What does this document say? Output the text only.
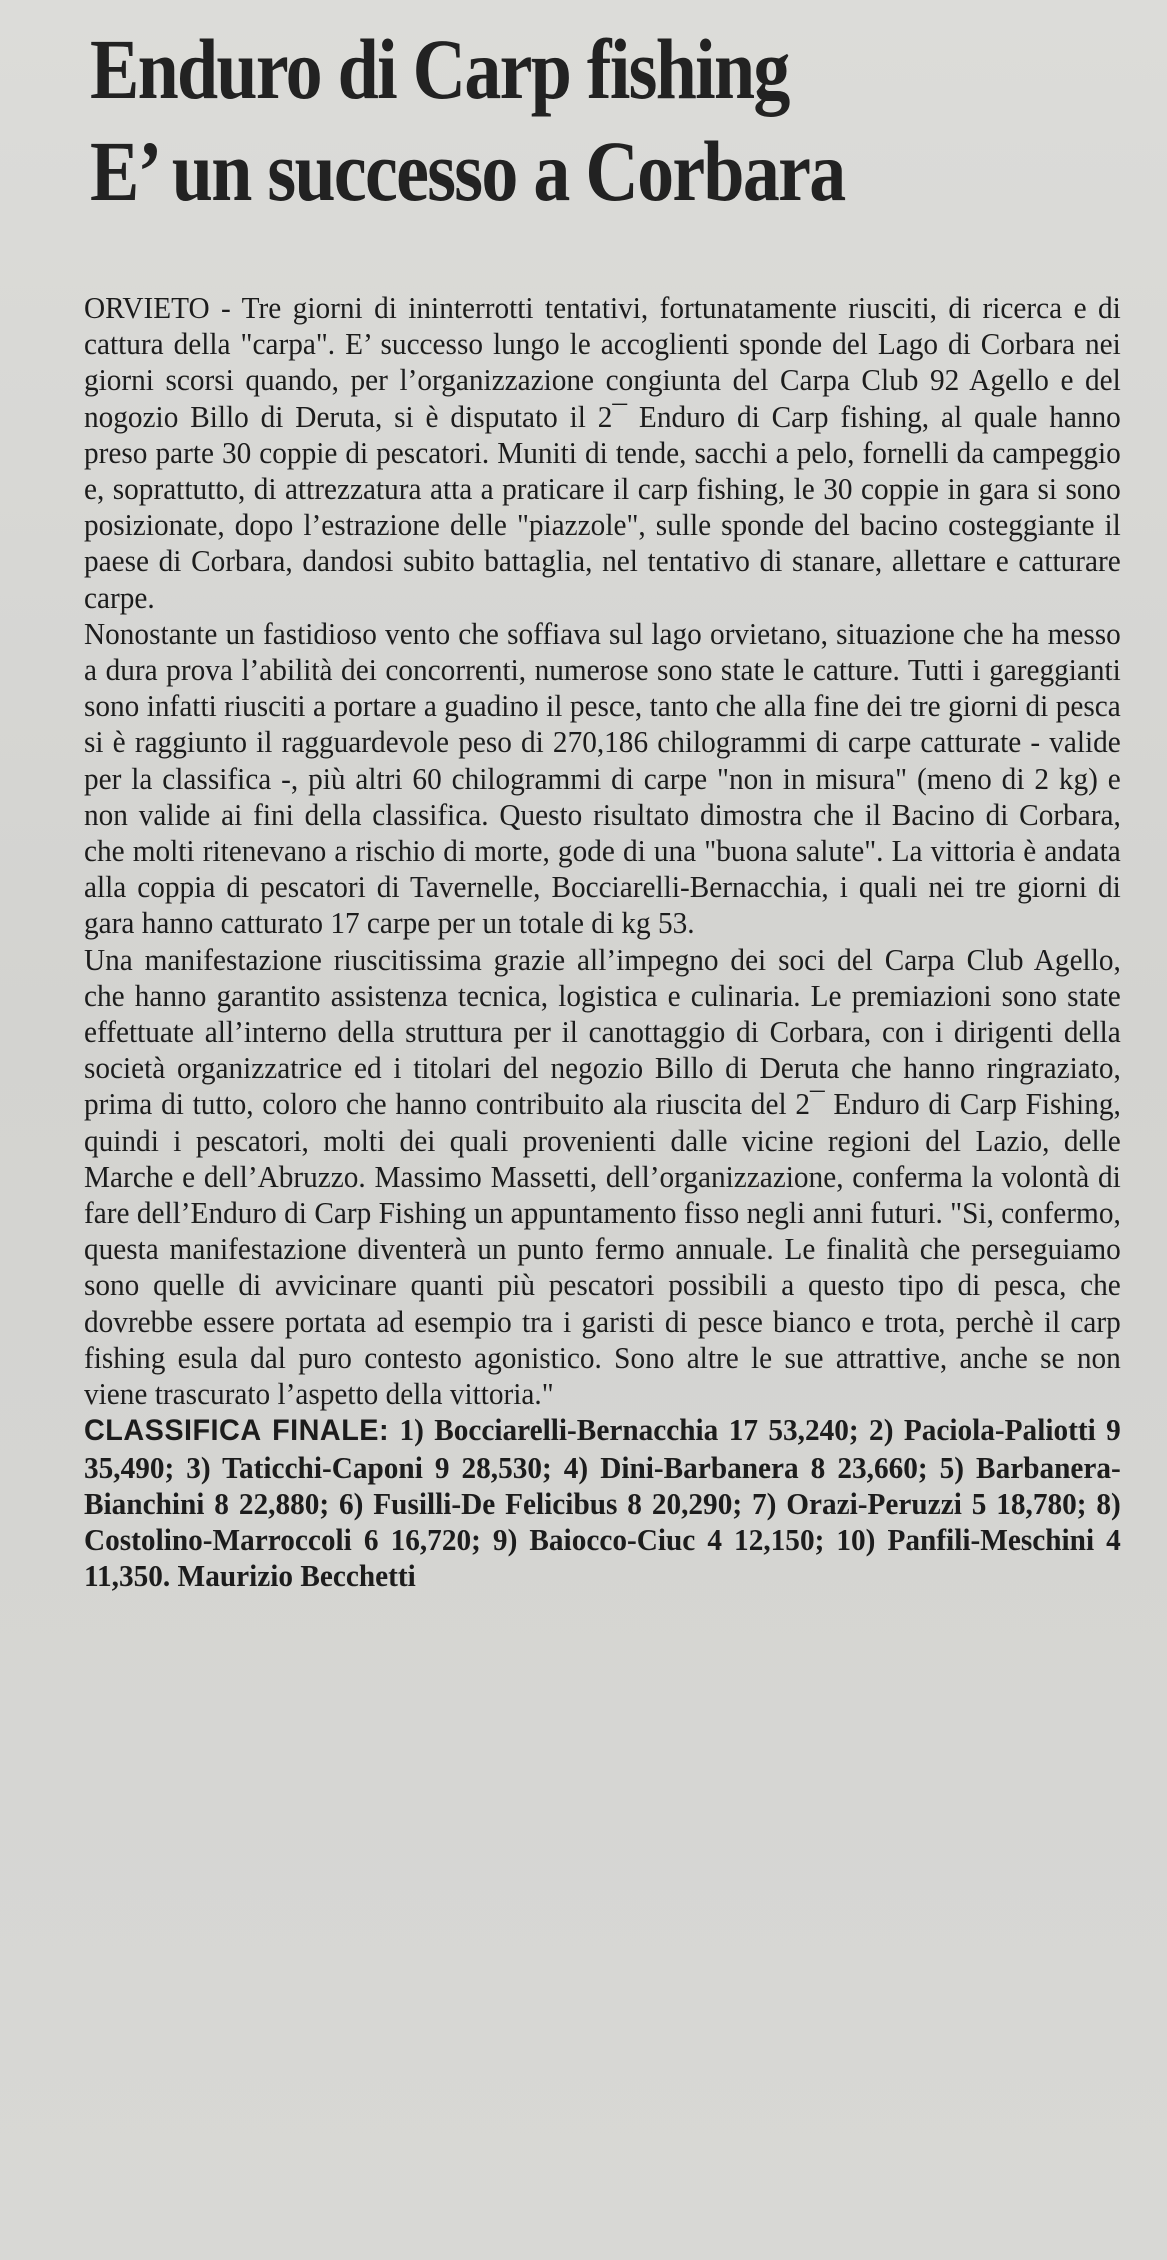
Enduro di Carp fishing
E’ un successo a Corbara

ORVIETO - Tre giorni di ininterrotti tentativi, fortunatamente riusciti, di ricerca e di cattura della "carpa". E’ successo lungo le accoglienti sponde del Lago di Corbara nei giorni scorsi quando, per l’organizzazione congiunta del Carpa Club 92 Agello e del nogozio Billo di Deruta, si è disputato il 2¯ Enduro di Carp fishing, al quale hanno preso parte 30 coppie di pescatori. Muniti di tende, sacchi a pelo, fornelli da campeggio e, soprattutto, di attrezzatura atta a praticare il carp fishing, le 30 coppie in gara si sono posizionate, dopo l’estrazione delle "piazzole", sulle sponde del bacino costeggiante il paese di Corbara, dandosi subito battaglia, nel tentativo di stanare, allettare e catturare carpe.

Nonostante un fastidioso vento che soffiava sul lago orvietano, situazione che ha messo a dura prova l’abilità dei concorrenti, numerose sono state le catture. Tutti i gareggianti sono infatti riusciti a portare a guadino il pesce, tanto che alla fine dei tre giorni di pesca si è raggiunto il ragguardevole peso di 270,186 chilogrammi di carpe catturate - valide per la classifica -, più altri 60 chilogrammi di carpe "non in misura" (meno di 2 kg) e non valide ai fini della classifica. Questo risultato dimostra che il Bacino di Corbara, che molti ritenevano a rischio di morte, gode di una "buona salute". La vittoria è andata alla coppia di pescatori di Tavernelle, Bocciarelli-Bernacchia, i quali nei tre giorni di gara hanno catturato 17 carpe per un totale di kg 53.

Una manifestazione riuscitissima grazie all’impegno dei soci del Carpa Club Agello, che hanno garantito assistenza tecnica, logistica e culinaria. Le premiazioni sono state effettuate all’interno della struttura per il canottaggio di Corbara, con i dirigenti della società organizzatrice ed i titolari del negozio Billo di Deruta che hanno ringraziato, prima di tutto, coloro che hanno contribuito ala riuscita del 2¯ Enduro di Carp Fishing, quindi i pescatori, molti dei quali provenienti dalle vicine regioni del Lazio, delle Marche e dell’Abruzzo. Massimo Massetti, dell’organizzazione, conferma la volontà di fare dell’Enduro di Carp Fishing un appuntamento fisso negli anni futuri. "Si, confermo, questa manifestazione diventerà un punto fermo annuale. Le finalità che perseguiamo sono quelle di avvicinare quanti più pescatori possibili a questo tipo di pesca, che dovrebbe essere portata ad esempio tra i garisti di pesce bianco e trota, perchè il carp fishing esula dal puro contesto agonistico. Sono altre le sue attrattive, anche se non viene trascurato l’aspetto della vittoria."

CLASSIFICA FINALE: 1) Bocciarelli-Bernacchia 17 53,240; 2) Paciola-Paliotti 9 35,490; 3) Taticchi-Caponi 9 28,530; 4) Dini-Barbanera 8 23,660; 5) Barbanera-Bianchini 8 22,880; 6) Fusilli-De Felicibus 8 20,290; 7) Orazi-Peruzzi 5 18,780; 8) Costolino-Marroccoli 6 16,720; 9) Baiocco-Ciuc 4 12,150; 10) Panfili-Meschini 4 11,350. Maurizio Becchetti
